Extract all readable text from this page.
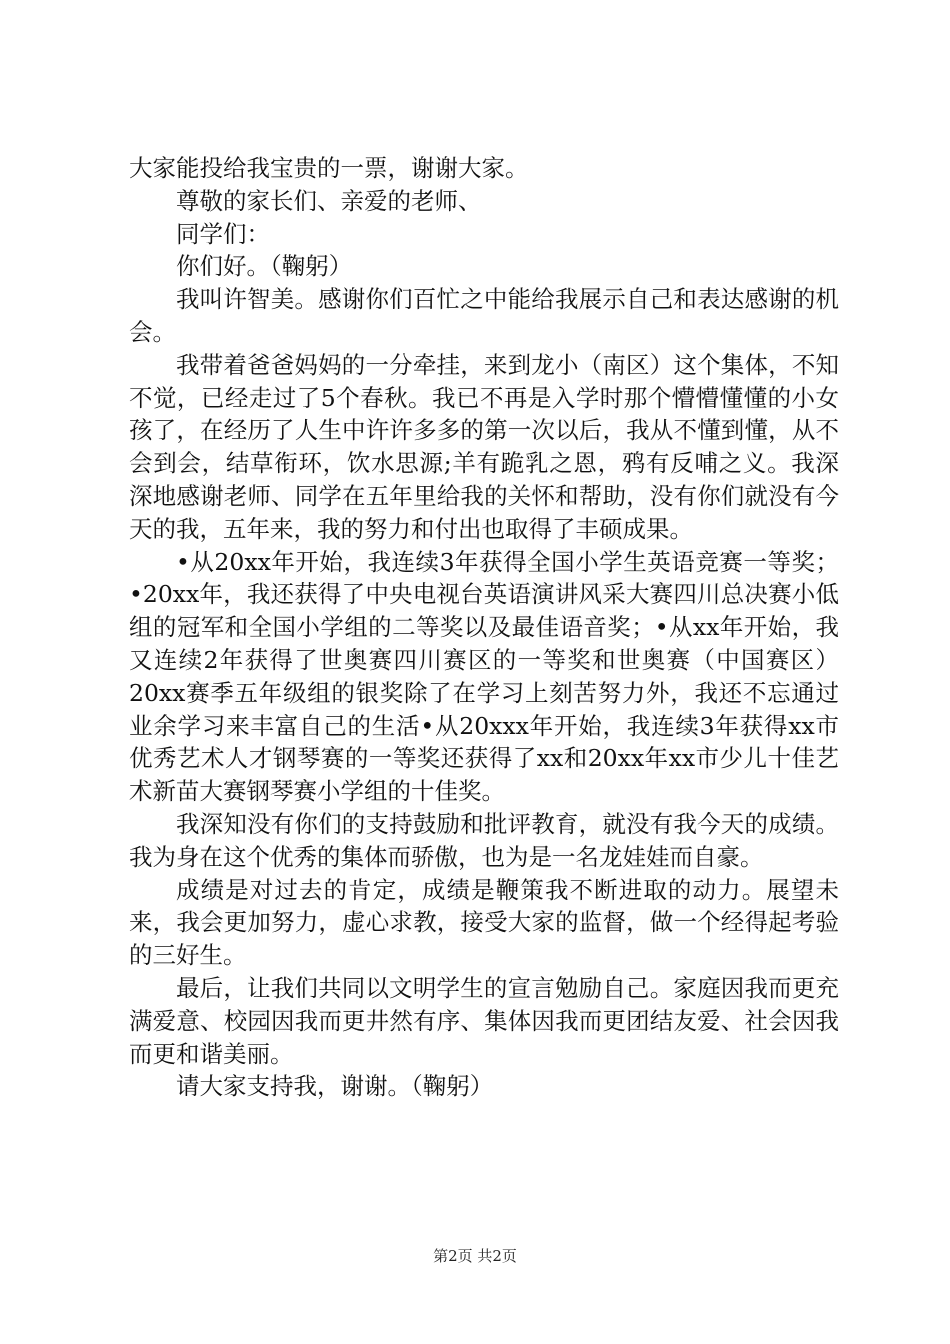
大家能投给我宝贵的一票，谢谢大家。

尊敬的家长们、亲爱的老师、

同学们：

你们好。（鞠躬）

我叫许智美。感谢你们百忙之中能给我展示自己和表达感谢的机会。

我带着爸爸妈妈的一分牵挂，来到龙小（南区）这个集体，不知不觉，已经走过了5个春秋。我已不再是入学时那个懵懵懂懂的小女孩了，在经历了人生中许许多多的第一次以后，我从不懂到懂，从不会到会，结草衔环，饮水思源;羊有跪乳之恩，鸦有反哺之义。我深深地感谢老师、同学在五年里给我的关怀和帮助，没有你们就没有今天的我，五年来，我的努力和付出也取得了丰硕成果。

•从20xx年开始，我连续3年获得全国小学生英语竞赛一等奖；•20xx年，我还获得了中央电视台英语演讲风采大赛四川总决赛小低组的冠军和全国小学组的二等奖以及最佳语音奖；•从xx年开始，我又连续2年获得了世奥赛四川赛区的一等奖和世奥赛（中国赛区）20xx赛季五年级组的银奖除了在学习上刻苦努力外，我还不忘通过业余学习来丰富自己的生活•从20xxx年开始，我连续3年获得xx市优秀艺术人才钢琴赛的一等奖还获得了xx和20xx年xx市少儿十佳艺术新苗大赛钢琴赛小学组的十佳奖。

我深知没有你们的支持鼓励和批评教育，就没有我今天的成绩。我为身在这个优秀的集体而骄傲，也为是一名龙娃娃而自豪。

成绩是对过去的肯定，成绩是鞭策我不断进取的动力。展望未来，我会更加努力，虚心求教，接受大家的监督，做一个经得起考验的三好生。

最后，让我们共同以文明学生的宣言勉励自己。家庭因我而更充满爱意、校园因我而更井然有序、集体因我而更团结友爱、社会因我而更和谐美丽。

请大家支持我，谢谢。（鞠躬）

第2页 共2页
